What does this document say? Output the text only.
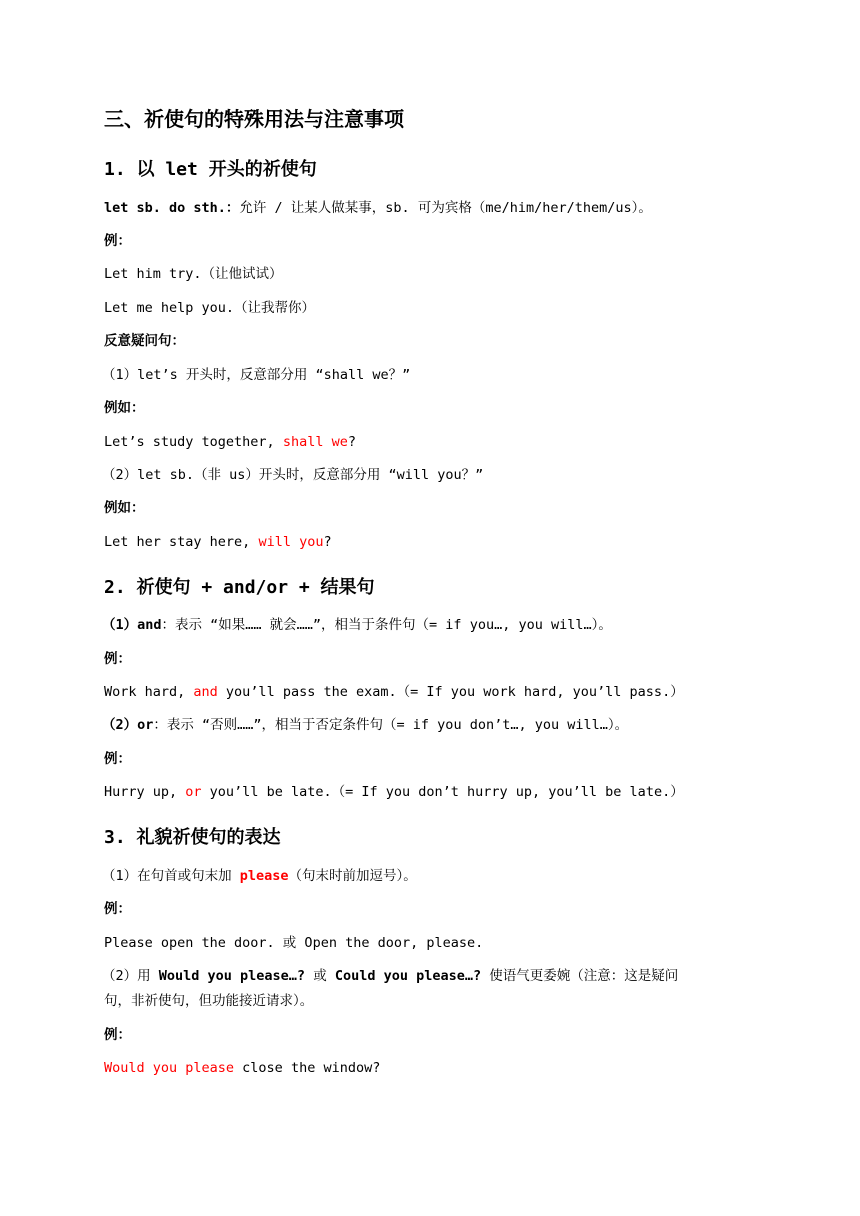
三、祈使句的特殊用法与注意事项
1. 以 let 开头的祈使句
let sb. do sth.：允许 / 让某人做某事，sb. 可为宾格（me/him/her/them/us）。
例：
Let him try.（让他试试）
Let me help you.（让我帮你）
反意疑问句：
（1）let’s 开头时，反意部分用 “shall we？”
例如：
Let’s study together, shall we?
（2）let sb.（非 us）开头时，反意部分用 “will you？”
例如：
Let her stay here, will you?
2. 祈使句 + and/or + 结果句
（1）and：表示 “如果…… 就会……”，相当于条件句（= if you…, you will…）。
例：
Work hard, and you’ll pass the exam.（= If you work hard, you’ll pass.）
（2）or：表示 “否则……”，相当于否定条件句（= if you don’t…, you will…）。
例：
Hurry up, or you’ll be late.（= If you don’t hurry up, you’ll be late.）
3. 礼貌祈使句的表达
（1）在句首或句末加 please（句末时前加逗号）。
例：
Please open the door. 或 Open the door, please.
（2）用 Would you please…? 或 Could you please…? 使语气更委婉（注意：这是疑问
句，非祈使句，但功能接近请求）。
例：
Would you please close the window?
